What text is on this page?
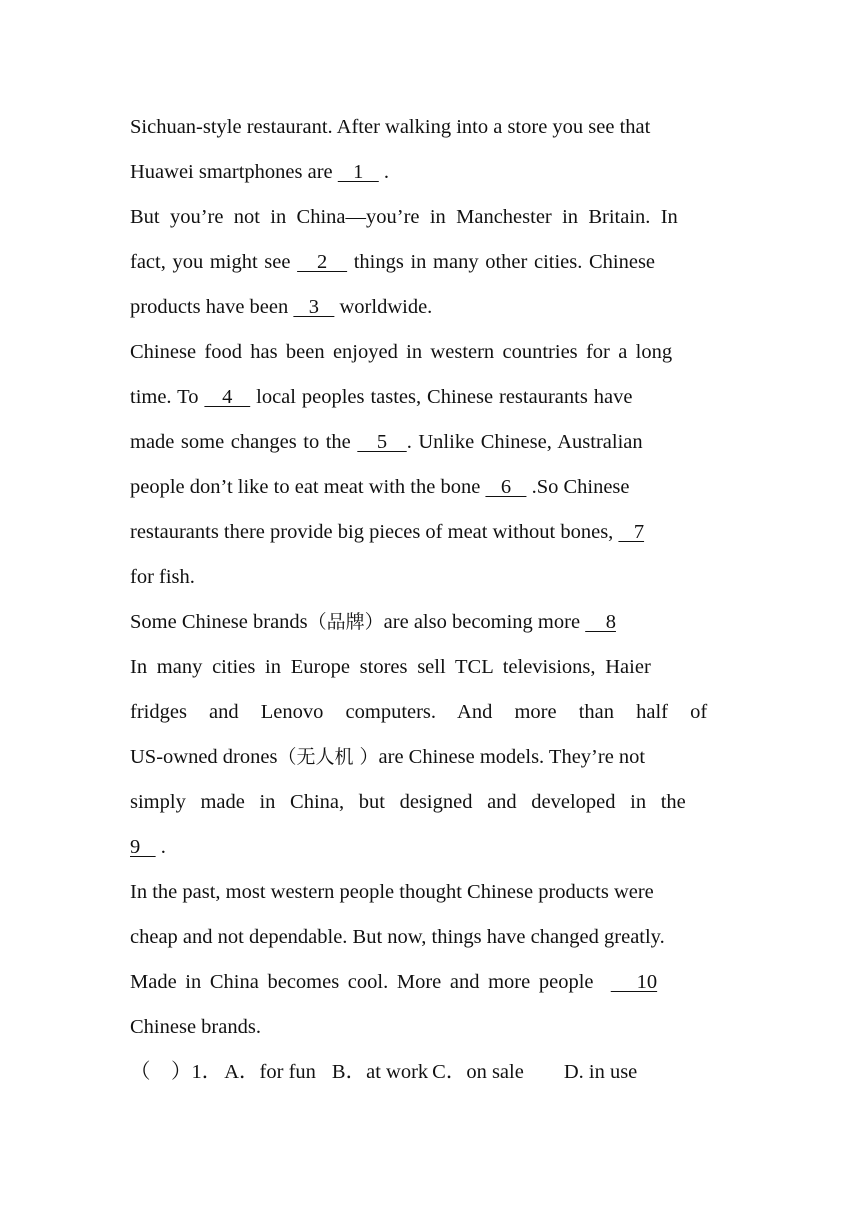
Sichuan-style restaurant. After walking into a store you see that
Huawei smartphones are    1    .
But you’re not in China—you’re in Manchester in Britain. In
fact, you might see    2    things in many other cities. Chinese
products have been    3    worldwide.
Chinese food has been enjoyed in western countries for a long
time. To    4    local peoples tastes, Chinese restaurants have
made some changes to the    5   . Unlike Chinese, Australian
people don’t like to eat meat with the bone    6    .So Chinese
restaurants there provide big pieces of meat without bones,    7
for fish.
Some Chinese brands（品牌）are also becoming more     8
In many cities in Europe stores sell TCL televisions, Haier
fridges and Lenovo computers. And more than half of
US-owned drones（无人机 ）are Chinese models. They’re not
simply made in China, but designed and developed in the
9    .
In the past, most western people thought Chinese products were
cheap and not dependable. But now, things have changed greatly.
Made in China becomes cool. More and more people     10
Chinese brands.
（    ）1．A．for fun B．at work C．on sale D. in use
